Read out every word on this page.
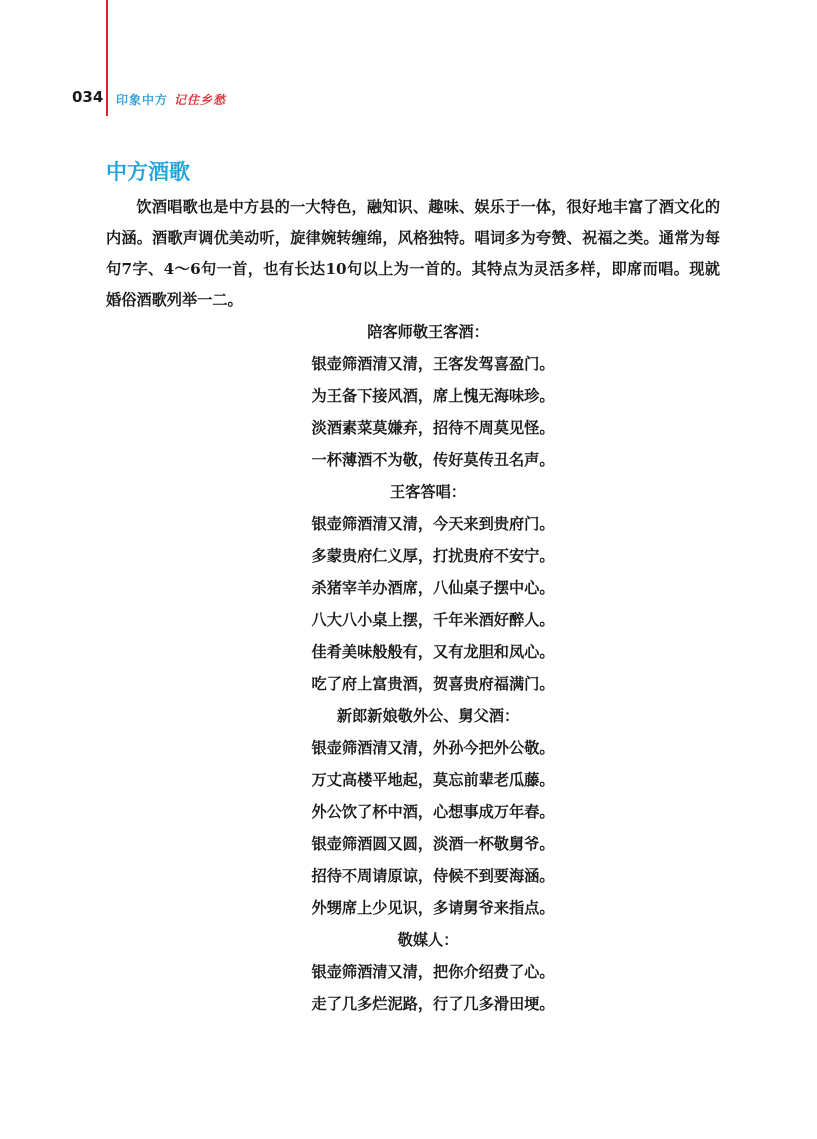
034 印象中方 记住乡愁
中方酒歌

饮酒唱歌也是中方县的一大特色，融知识、趣味、娱乐于一体，很好地丰富了酒文化的内涵。酒歌声调优美动听，旋律婉转缠绵，风格独特。唱词多为夸赞、祝福之类。通常为每句7字、4～6句一首，也有长达10句以上为一首的。其特点为灵活多样，即席而唱。现就婚俗酒歌列举一二。

陪客师敬王客酒：
银壶筛酒清又清，王客发驾喜盈门。
为王备下接风酒，席上愧无海味珍。
淡酒素菜莫嫌弃，招待不周莫见怪。
一杯薄酒不为敬，传好莫传丑名声。
王客答唱：
银壶筛酒清又清，今天来到贵府门。
多蒙贵府仁义厚，打扰贵府不安宁。
杀猪宰羊办酒席，八仙桌子摆中心。
八大八小桌上摆，千年米酒好醉人。
佳肴美味般般有，又有龙胆和凤心。
吃了府上富贵酒，贺喜贵府福满门。
新郎新娘敬外公、舅父酒：
银壶筛酒清又清，外孙今把外公敬。
万丈高楼平地起，莫忘前辈老瓜藤。
外公饮了杯中酒，心想事成万年春。
银壶筛酒圆又圆，淡酒一杯敬舅爷。
招待不周请原谅，侍候不到要海涵。
外甥席上少见识，多请舅爷来指点。
敬媒人：
银壶筛酒清又清，把你介绍费了心。
走了几多烂泥路，行了几多滑田埂。
